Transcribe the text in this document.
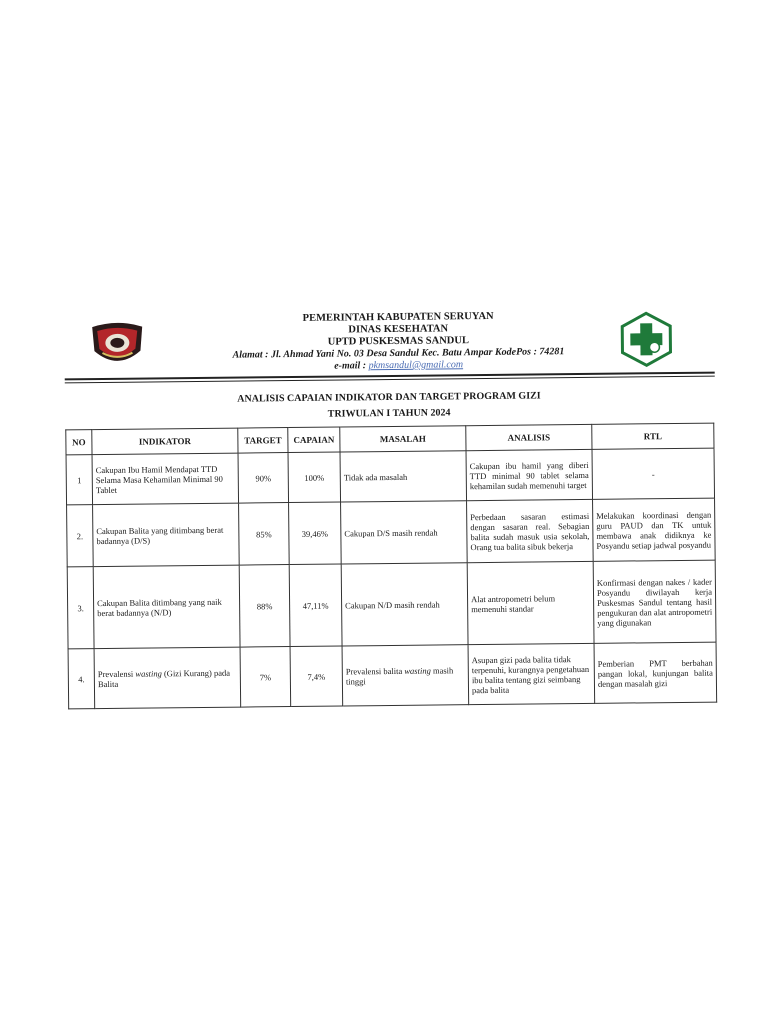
PEMERINTAH KABUPATEN SERUYAN
DINAS KESEHATAN
UPTD PUSKESMAS SANDUL
Alamat : Jl. Ahmad Yani No. 03 Desa Sandul Kec. Batu Ampar KodePos : 74281
e-mail : pkmsandul@gmail.com
ANALISIS CAPAIAN INDIKATOR DAN TARGET PROGRAM GIZI
TRIWULAN I TAHUN 2024
NO	INDIKATOR	TARGET	CAPAIAN	MASALAH	ANALISIS	RTL
1	Cakupan Ibu Hamil Mendapat TTD Selama Masa Kehamilan Minimal 90 Tablet	90%	100%	Tidak ada masalah	Cakupan ibu hamil yang diberi TTD minimal 90 tablet selama kehamilan sudah memenuhi target	-
2.	Cakupan Balita yang ditimbang berat badannya (D/S)	85%	39,46%	Cakupan D/S masih rendah	Perbedaan sasaran estimasi dengan sasaran real. Sebagian balita sudah masuk usia sekolah, Orang tua balita sibuk bekerja	Melakukan koordinasi dengan guru PAUD dan TK untuk membawa anak didiknya ke Posyandu setiap jadwal posyandu
3.	Cakupan Balita ditimbang yang naik berat badannya (N/D)	88%	47,11%	Cakupan N/D masih rendah	Alat antropometri belum memenuhi standar	Konfirmasi dengan nakes / kader Posyandu diwilayah kerja Puskesmas Sandul tentang hasil pengukuran dan alat antropometri yang digunakan
4.	Prevalensi wasting (Gizi Kurang) pada Balita	7%	7,4%	Prevalensi balita wasting masih tinggi	Asupan gizi pada balita tidak terpenuhi, kurangnya pengetahuan ibu balita tentang gizi seimbang pada balita	Pemberian PMT berbahan pangan lokal, kunjungan balita dengan masalah gizi
